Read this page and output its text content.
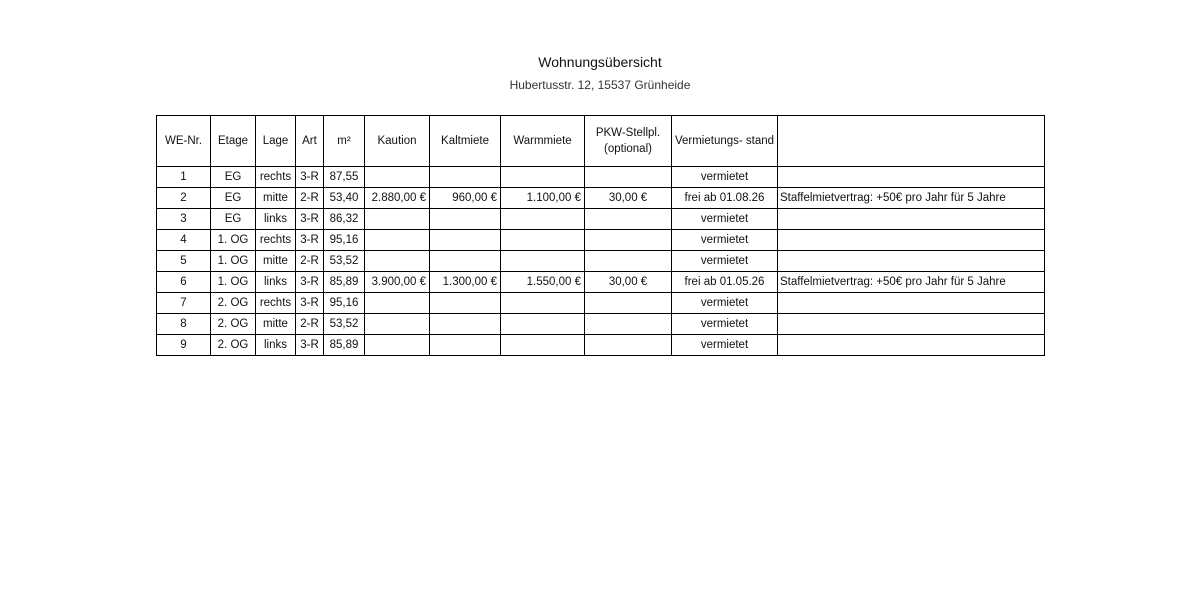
Wohnungsübersicht

Hubertusstr. 12, 15537 Grünheide

WE-Nr.	Etage	Lage	Art	m²	Kaution	Kaltmiete	Warmmiete	PKW-Stellpl. (optional)	Vermietungs- stand	
1	EG	rechts	3-R	87,55					vermietet	
2	EG	mitte	2-R	53,40	2.880,00 €	960,00 €	1.100,00 €	30,00 €	frei ab 01.08.26	Staffelmietvertrag: +50€ pro Jahr für 5 Jahre
3	EG	links	3-R	86,32					vermietet	
4	1. OG	rechts	3-R	95,16					vermietet	
5	1. OG	mitte	2-R	53,52					vermietet	
6	1. OG	links	3-R	85,89	3.900,00 €	1.300,00 €	1.550,00 €	30,00 €	frei ab 01.05.26	Staffelmietvertrag: +50€ pro Jahr für 5 Jahre
7	2. OG	rechts	3-R	95,16					vermietet	
8	2. OG	mitte	2-R	53,52					vermietet	
9	2. OG	links	3-R	85,89					vermietet	
